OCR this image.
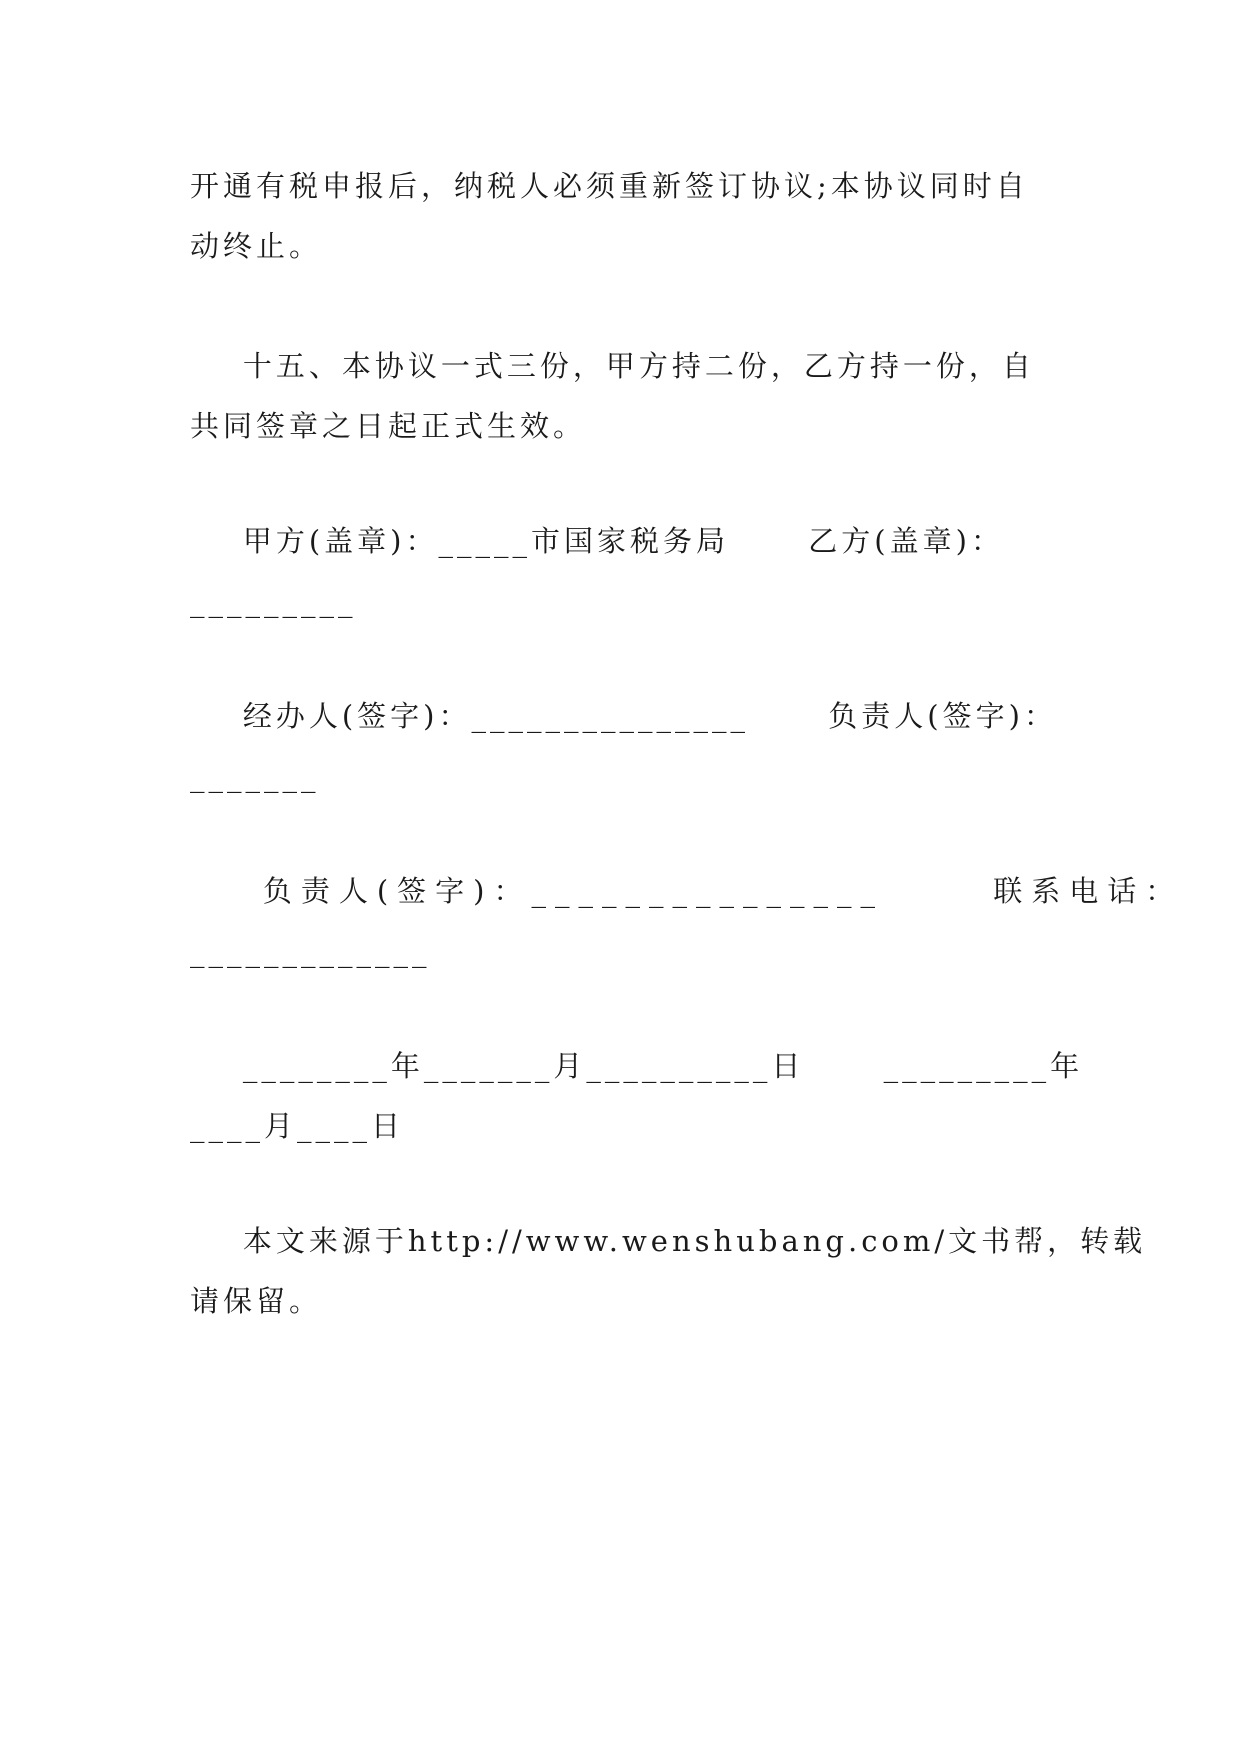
开通有税申报后，纳税人必须重新签订协议;本协议同时自
动终止。
十五、本协议一式三份，甲方持二份，乙方持一份，自
共同签章之日起正式生效。
甲方(盖章)：_____市国家税务局      乙方(盖章)：
_________
经办人(签字)：_______________      负责人(签字)：
_______
负责人(签字)：_______________      联系电话：
_____________
________年_______月__________日      _________年
____月____日
本文来源于http://www.wenshubang.com/文书帮，转载
请保留。
